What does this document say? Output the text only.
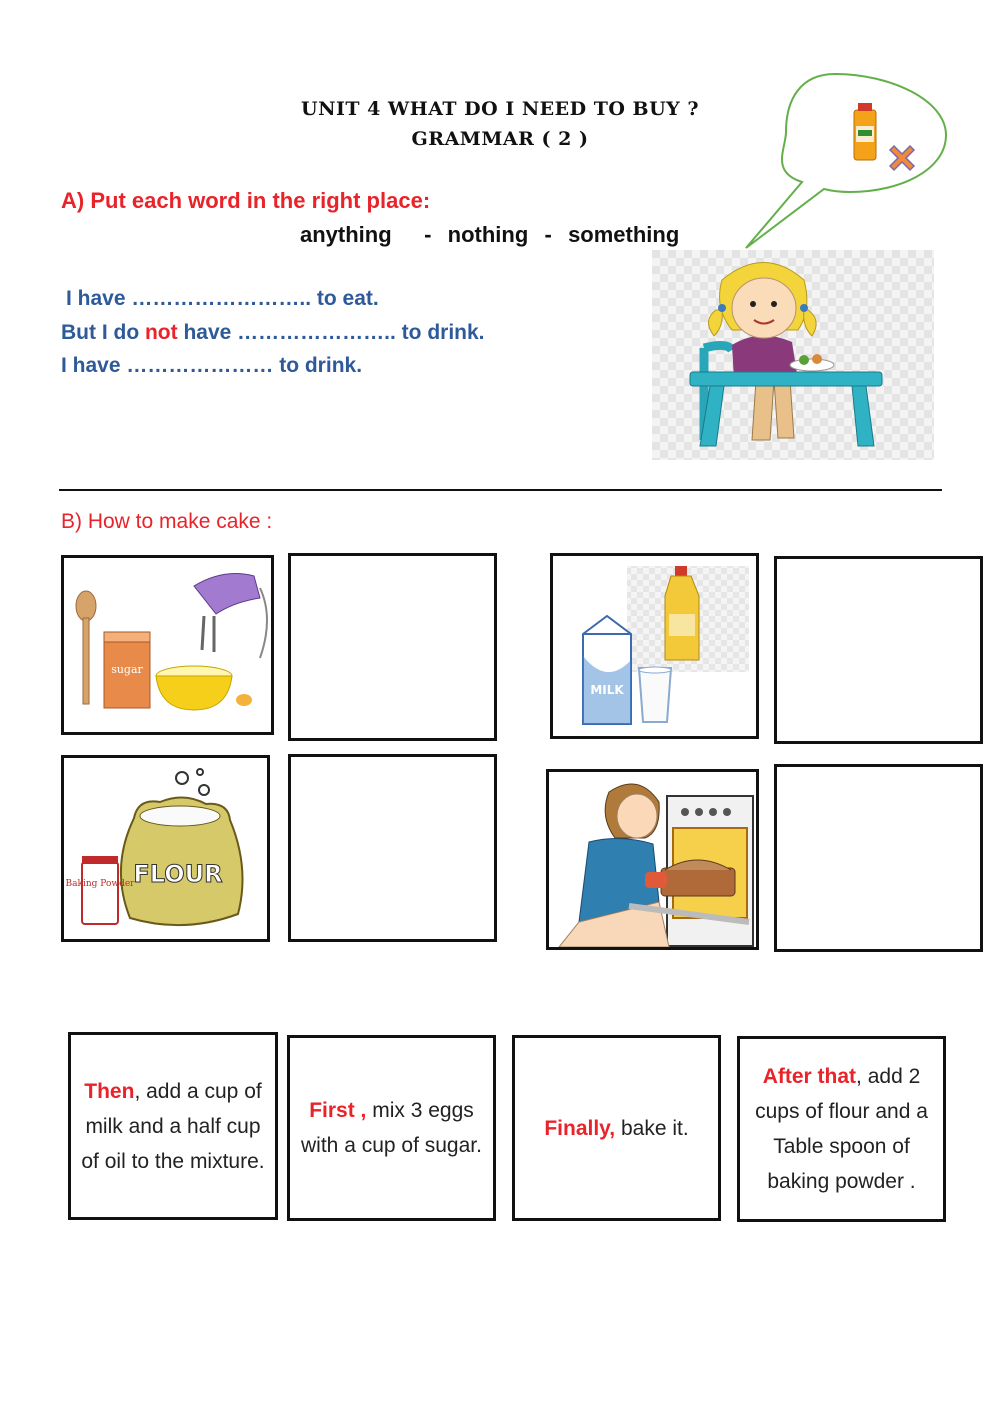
UNIT 4 WHAT DO I NEED TO BUY ?
GRAMMAR ( 2 )
A) Put each word in the right place:
anything    -  nothing  -  something
I have …………………….. to eat.
But I do not have ………………….. to drink.
I have ………………… to drink.
B) How to make cake :
sugar
MILK
FLOUR
Baking Powder
Then, add a cup of milk and a half cup of oil to the mixture.
First , mix 3 eggs with a cup of sugar.
Finally, bake it.
After that, add 2 cups of flour and a Table spoon of baking powder .
